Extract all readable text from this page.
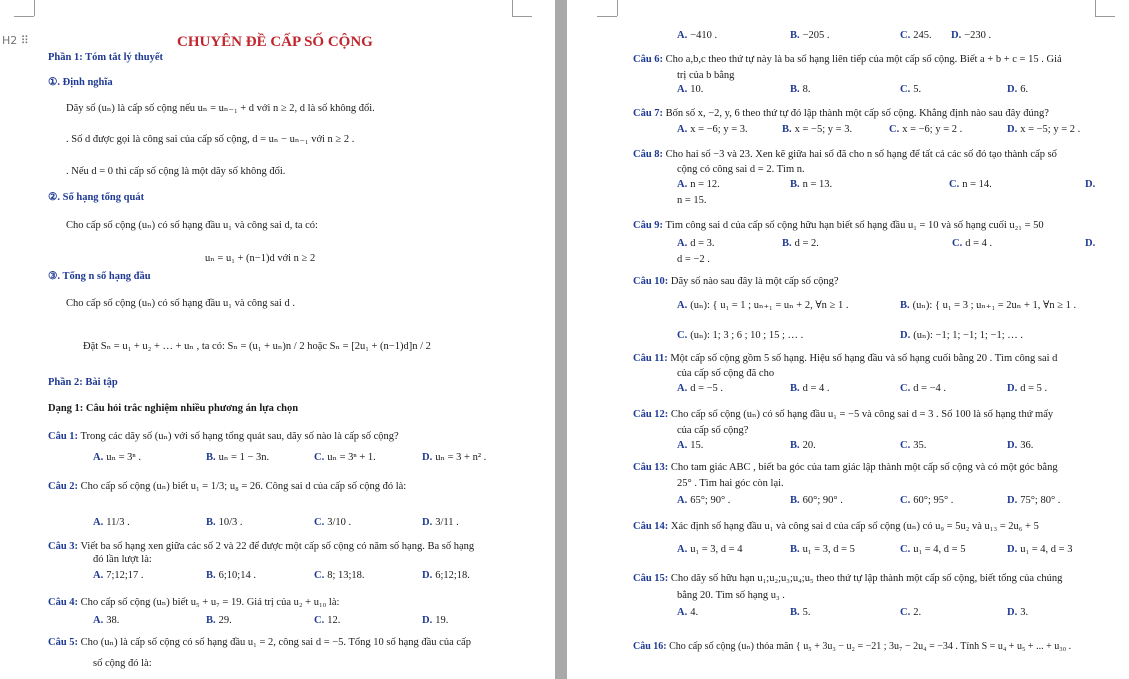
H2 ⠿	CHUYÊN ĐỀ CẤP SỐ CỘNG
Phần 1: Tóm tắt lý thuyết
①. Định nghĩa
Dãy số (uₙ) là cấp số cộng nếu uₙ = uₙ₋₁ + d với n ≥ 2, d là số không đổi.
. Số d được gọi là công sai của cấp số cộng, d = uₙ − uₙ₋₁ với n ≥ 2 .
. Nếu d = 0 thì cấp số cộng là một dãy số không đổi.
②. Số hạng tổng quát
Cho cấp số cộng (uₙ) có số hạng đầu u₁ và công sai d, ta có:
uₙ = u₁ + (n−1)d với n ≥ 2
③. Tổng n số hạng đầu
Cho cấp số cộng (uₙ) có số hạng đầu u₁ và công sai d .
Đặt Sₙ = u₁ + u₂ + … + uₙ , ta có: Sₙ = (u₁ + uₙ)n / 2 hoặc Sₙ = [2u₁ + (n−1)d]n / 2
Phần 2: Bài tập
Dạng 1: Câu hỏi trắc nghiệm nhiều phương án lựa chọn
Câu 1: Trong các dãy số (uₙ) với số hạng tổng quát sau, dãy số nào là cấp số cộng?
A. uₙ = 3ⁿ .	B. uₙ = 1 − 3n.	C. uₙ = 3ⁿ + 1.	D. uₙ = 3 + n² .
Câu 2: Cho cấp số cộng (uₙ) biết u₁ = 1/3; u₈ = 26. Công sai d của cấp số cộng đó là:
A. 11/3 .	B. 10/3 .	C. 3/10 .	D. 3/11 .
Câu 3: Viết ba số hạng xen giữa các số 2 và 22 để được một cấp số cộng có năm số hạng. Ba số hạng
đó lần lượt là:
A. 7;12;17 .	B. 6;10;14 .	C. 8; 13;18.	D. 6;12;18.
Câu 4: Cho cấp số cộng (uₙ) biết u₅ + u₇ = 19. Giá trị của u₂ + u₁₀ là:
A. 38.	B. 29.	C. 12.	D. 19.
Câu 5: Cho (uₙ) là cấp số cộng có số hạng đầu u₁ = 2, công sai d = −5. Tổng 10 số hạng đầu của cấp
số cộng đó là:
A. −410 .	B. −205 .	C. 245. D. −230 .
Câu 6: Cho a,b,c theo thứ tự này là ba số hạng liên tiếp của một cấp số cộng. Biết a + b + c = 15 . Giá
trị của b bằng
A. 10.	B. 8.	C. 5.	D. 6.
Câu 7: Bốn số x, −2, y, 6 theo thứ tự đó lập thành một cấp số cộng. Khẳng định nào sau đây đúng?
A. x = −6; y = 3.	B. x = −5; y = 3.	C. x = −6; y = 2 .	D. x = −5; y = 2 .
Câu 8: Cho hai số −3 và 23. Xen kẽ giữa hai số đã cho n số hạng để tất cả các số đó tạo thành cấp số
cộng có công sai d = 2. Tìm n.
A. n = 12.	B. n = 13.	C. n = 14.	D.
n = 15.
Câu 9: Tìm công sai d của cấp số cộng hữu hạn biết số hạng đầu u₁ = 10 và số hạng cuối u₂₁ = 50
A. d = 3.	B. d = 2.	C. d = 4 .	D.
d = −2 .
Câu 10: Dãy số nào sau đây là một cấp số cộng?
A. (uₙ): { u₁ = 1 ; uₙ₊₁ = uₙ + 2, ∀n ≥ 1 .	B. (uₙ): { u₁ = 3 ; uₙ₊₁ = 2uₙ + 1, ∀n ≥ 1 .
C. (uₙ): 1; 3 ; 6 ; 10 ; 15 ; … .	D. (uₙ): −1; 1; −1; 1; −1; … .
Câu 11: Một cấp số cộng gồm 5 số hạng. Hiệu số hạng đầu và số hạng cuối bằng 20 . Tìm công sai d
của cấp số cộng đã cho
A. d = −5 .	B. d = 4 .	C. d = −4 .	D. d = 5 .
Câu 12: Cho cấp số cộng (uₙ) có số hạng đầu u₁ = −5 và công sai d = 3 . Số 100 là số hạng thứ mấy
của cấp số cộng?
A. 15.	B. 20.	C. 35.	D. 36.
Câu 13: Cho tam giác ABC , biết ba góc của tam giác lập thành một cấp số cộng và có một góc bằng
25° . Tìm hai góc còn lại.
A. 65°; 90° .	B. 60°; 90° .	C. 60°; 95° .	D. 75°; 80° .
Câu 14: Xác định số hạng đầu u₁ và công sai d của cấp số cộng (uₙ) có u₉ = 5u₂ và u₁₃ = 2u₆ + 5
A. u₁ = 3, d = 4	B. u₁ = 3, d = 5	C. u₁ = 4, d = 5	D. u₁ = 4, d = 3
Câu 15: Cho dãy số hữu hạn u₁;u₂;u₃;u₄;u₅ theo thứ tự lập thành một cấp số cộng, biết tổng của chúng
bằng 20. Tìm số hạng u₃ .
A. 4.	B. 5.	C. 2.	D. 3.
Câu 16: Cho cấp số cộng (uₙ) thỏa mãn { u₅ + 3u₃ − u₂ = −21 ; 3u₇ − 2u₄ = −34 . Tính S = u₄ + u₅ + ... + u₃₀ .
